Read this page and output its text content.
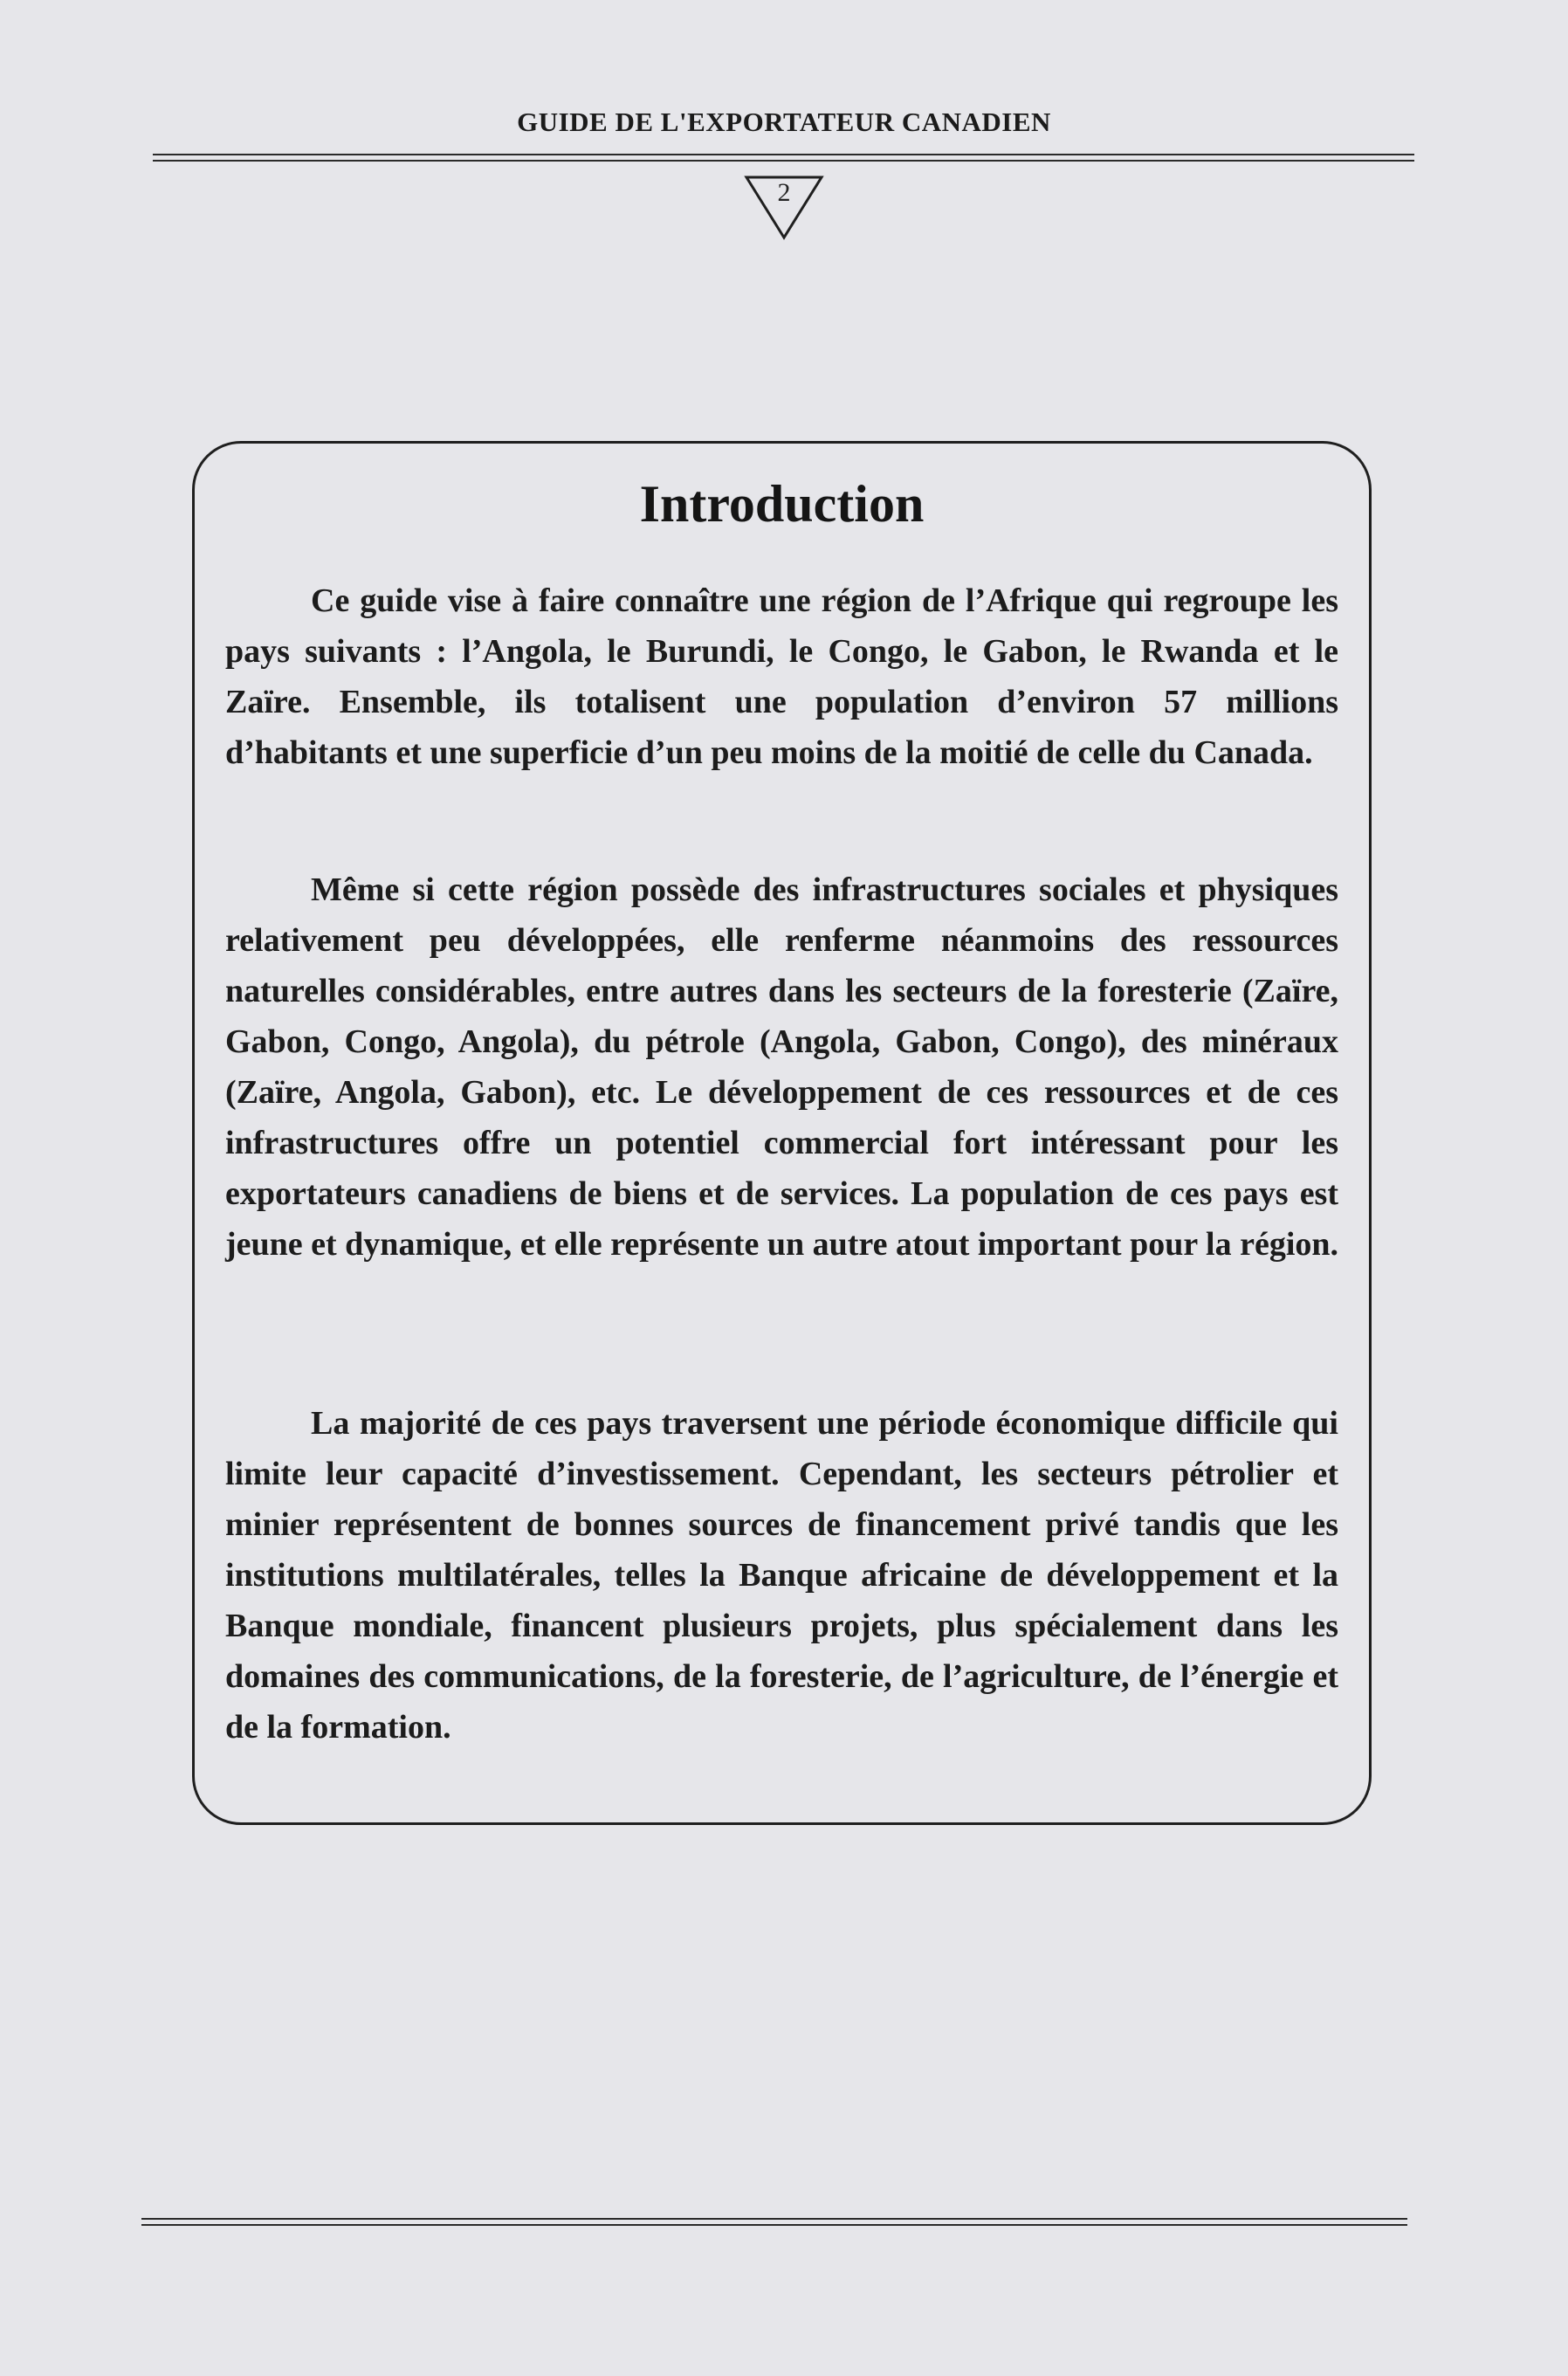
GUIDE DE L'EXPORTATEUR CANADIEN
2
Introduction

Ce guide vise à faire connaître une région de l’Afrique qui regroupe les pays suivants : l’Angola, le Burundi, le Congo, le Gabon, le Rwanda et le Zaïre. Ensemble, ils totalisent une population d’environ 57 millions d’habitants et une superficie d’un peu moins de la moitié de celle du Canada.

Même si cette région possède des infrastructures sociales et physiques relativement peu développées, elle renferme néanmoins des ressources naturelles considérables, entre autres dans les secteurs de la foresterie (Zaïre, Gabon, Congo, Angola), du pétrole (Angola, Gabon, Congo), des minéraux (Zaïre, Angola, Gabon), etc. Le développement de ces ressources et de ces infrastructures offre un potentiel commercial fort intéressant pour les exportateurs canadiens de biens et de services. La population de ces pays est jeune et dynamique, et elle représente un autre atout important pour la région.

La majorité de ces pays traversent une période économique difficile qui limite leur capacité d’investissement. Cependant, les secteurs pétrolier et minier représentent de bonnes sources de financement privé tandis que les institutions multilatérales, telles la Banque africaine de développement et la Banque mondiale, financent plusieurs projets, plus spécialement dans les domaines des communications, de la foresterie, de l’agriculture, de l’énergie et de la formation.
